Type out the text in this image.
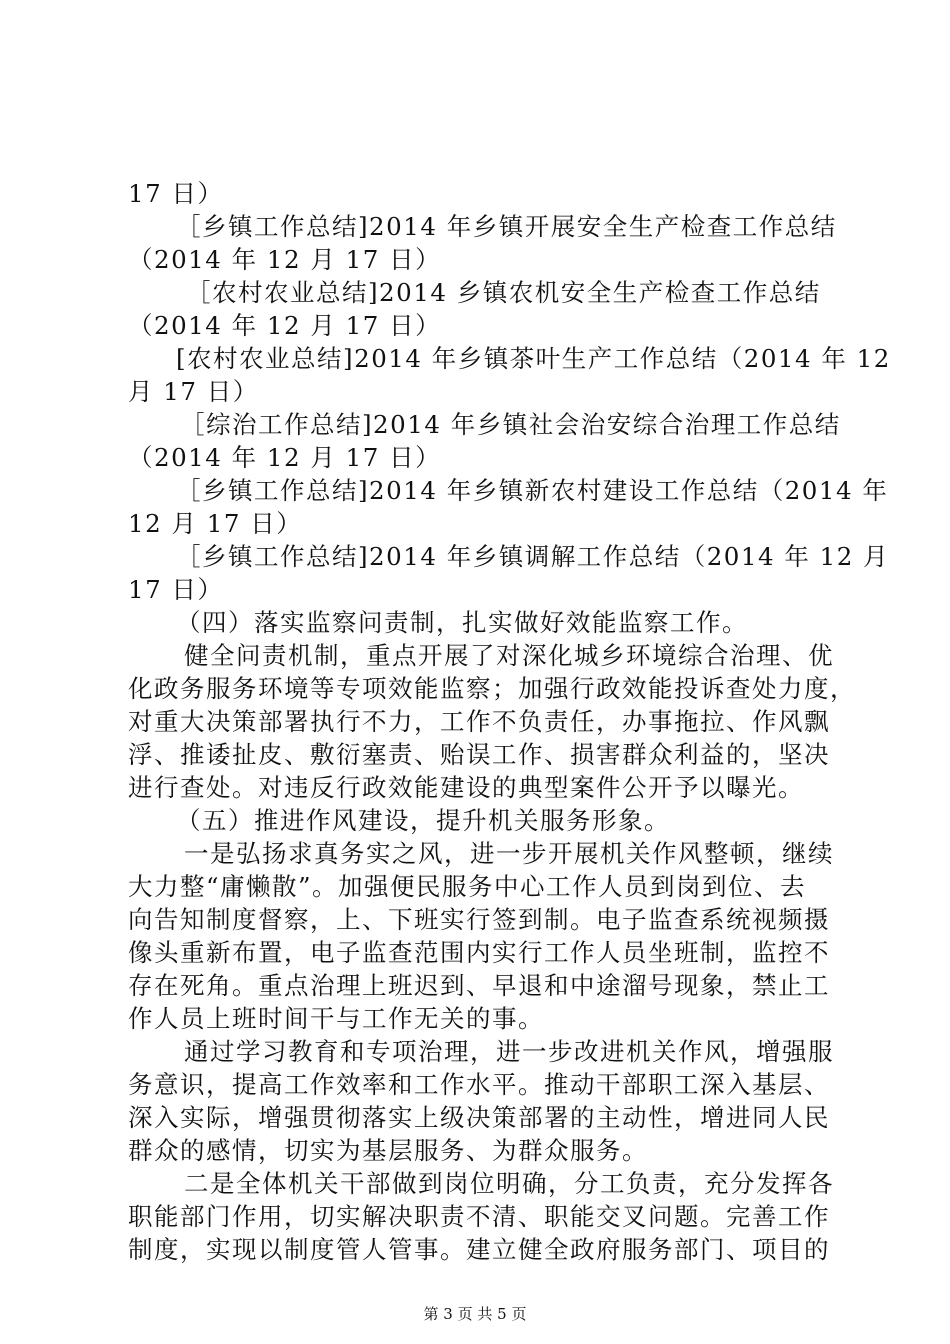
17 日）
［乡镇工作总结]2014 年乡镇开展安全生产检查工作总结
（2014 年 12 月 17 日）
［农村农业总结]2014 乡镇农机安全生产检查工作总结
（2014 年 12 月 17 日）
[农村农业总结]2014 年乡镇茶叶生产工作总结（2014 年 12
月 17 日）
［综治工作总结]2014 年乡镇社会治安综合治理工作总结
（2014 年 12 月 17 日）
［乡镇工作总结]2014 年乡镇新农村建设工作总结（2014 年
12 月 17 日）
［乡镇工作总结]2014 年乡镇调解工作总结（2014 年 12 月
17 日）
（四）落实监察问责制，扎实做好效能监察工作。
健全问责机制，重点开展了对深化城乡环境综合治理、优
化政务服务环境等专项效能监察；加强行政效能投诉查处力度，
对重大决策部署执行不力，工作不负责任，办事拖拉、作风飘
浮、推诿扯皮、敷衍塞责、贻误工作、损害群众利益的，坚决
进行查处。对违反行政效能建设的典型案件公开予以曝光。
（五）推进作风建设，提升机关服务形象。
一是弘扬求真务实之风，进一步开展机关作风整顿，继续
大力整“庸懒散”。加强便民服务中心工作人员到岗到位、去
向告知制度督察，上、下班实行签到制。电子监查系统视频摄
像头重新布置，电子监查范围内实行工作人员坐班制，监控不
存在死角。重点治理上班迟到、早退和中途溜号现象，禁止工
作人员上班时间干与工作无关的事。
通过学习教育和专项治理，进一步改进机关作风，增强服
务意识，提高工作效率和工作水平。推动干部职工深入基层、
深入实际，增强贯彻落实上级决策部署的主动性，增进同人民
群众的感情，切实为基层服务、为群众服务。
二是全体机关干部做到岗位明确，分工负责，充分发挥各
职能部门作用，切实解决职责不清、职能交叉问题。完善工作
制度，实现以制度管人管事。建立健全政府服务部门、项目的
第 3 页 共 5 页
